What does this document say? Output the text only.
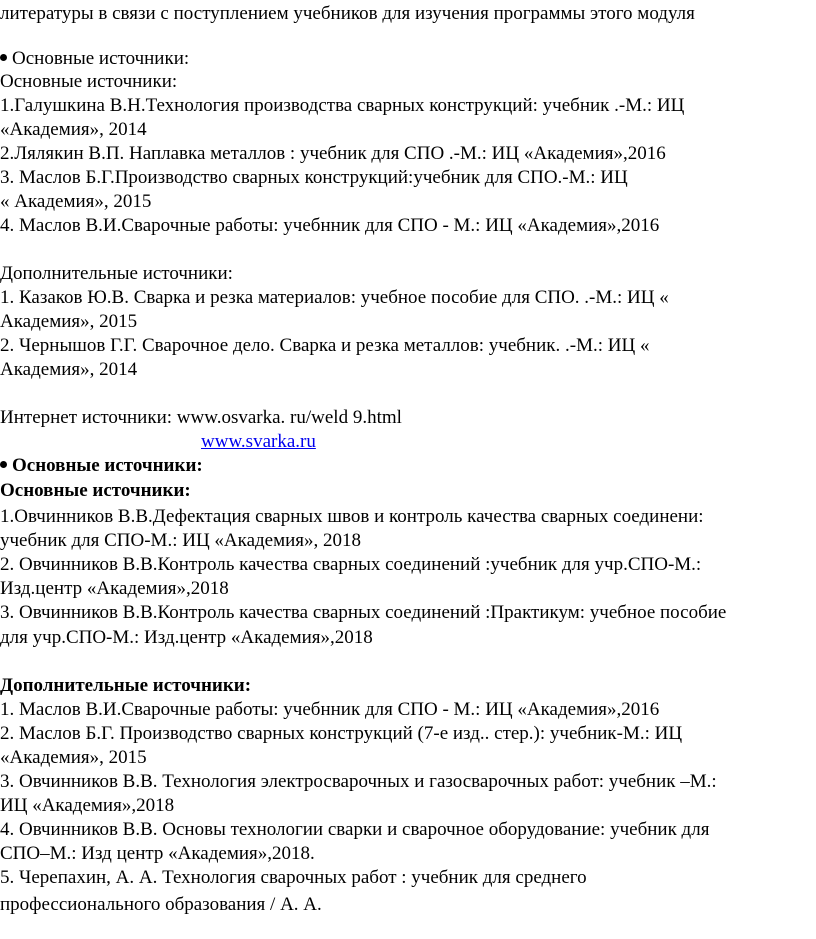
литературы в связи с поступлением учебников для изучения программы этого модуля
Основные источники:
Основные источники:
1.Галушкина В.Н.Технология производства сварных конструкций: учебник .-М.: ИЦ
«Академия», 2014
2.Лялякин В.П. Наплавка металлов : учебник для СПО .-М.: ИЦ «Академия»,2016
3. Маслов Б.Г.Производство сварных конструкций:учебник для СПО.-М.: ИЦ
« Академия», 2015
4. Маслов В.И.Сварочные работы: учебнник для СПО - М.: ИЦ «Академия»,2016
Дополнительные источники:
1. Казаков Ю.В. Сварка и резка материалов: учебное пособие для СПО. .-М.: ИЦ «
Академия», 2015
2. Чернышов Г.Г. Сварочное дело. Сварка и резка металлов: учебник. .-М.: ИЦ «
Академия», 2014
Интернет источники: www.osvarka. ru/weld 9.html
www.svarka.ru
Основные источники:
Основные источники:
1.Овчинников В.В.Дефектация сварных швов и контроль качества сварных соединени:
учебник для СПО-М.: ИЦ «Академия», 2018
2. Овчинников В.В.Контроль качества сварных соединений :учебник для учр.СПО-М.:
Изд.центр «Академия»,2018
3. Овчинников В.В.Контроль качества сварных соединений :Практикум: учебное пособие
для учр.СПО-М.: Изд.центр «Академия»,2018
Дополнительные источники:
1. Маслов В.И.Сварочные работы: учебнник для СПО - М.: ИЦ «Академия»,2016
2. Маслов Б.Г. Производство сварных конструкций (7-е изд.. стер.): учебник-М.: ИЦ
«Академия», 2015
3. Овчинников В.В. Технология электросварочных и газосварочных работ: учебник –М.:
ИЦ «Академия»,2018
4. Овчинников В.В. Основы технологии сварки и сварочное оборудование: учебник для
СПО–М.: Изд центр «Академия»,2018.
5. Черепахин, А. А. Технология сварочных работ : учебник для среднего
профессионального образования / А. А.
